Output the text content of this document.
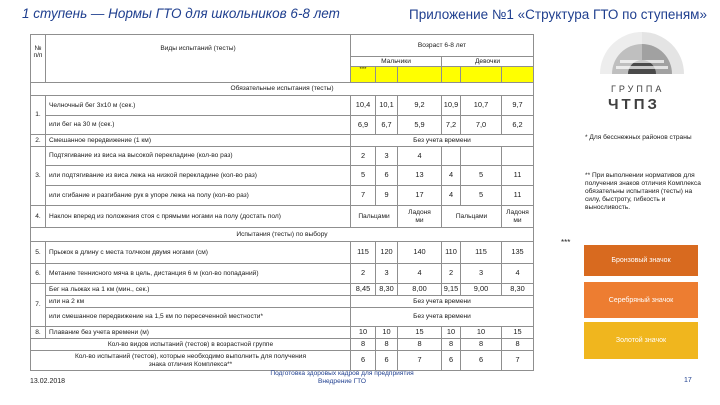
1 ступень — Нормы ГТО для школьников 6-8 лет	Приложение №1 «Структура ГТО по ступеням»
№ п/п	Виды испытаний (тесты)	Возраст 6-8 лет					
		Мальчики			Девочки		
		***					
Обязательные испытания (тесты)							
1.	Челночный бег 3х10 м (сек.)	10,4	10,1	9,2	10,9	10,7	9,7
	или бег на 30 м (сек.)	6,9	6,7	5,9	7,2	7,0	6,2
2.	Смешанное передвижение (1 км)	Без учета времени					
3.	Подтягивание из виса на высокой перекладине (кол-во раз)	2	3	4			
	или подтягивание из виса лежа на низкой перекладине (кол-во раз)	5	6	13	4	5	11
	или сгибание и разгибание рук в упоре лежа на полу (кол-во раз)	7	9	17	4	5	11
4.	Наклон вперед из положения стоя с прямыми ногами на полу (достать пол)	Пальцами		Ладонями	Пальцами		Ладонями
Испытания (тесты) по выбору							
5.	Прыжок в длину с места толчком двумя ногами (см)	115	120	140	110	115	135
6.	Метание теннисного мяча в цель, дистанция 6 м (кол-во попаданий)	2	3	4	2	3	4
7.	Бег на лыжах на 1 км (мин., сек.)	8,45	8,30	8,00	9,15	9,00	8,30
	или на 2 км	Без учета времени					
	или смешанное передвижение на 1,5 км по пересеченной местности*	Без учета времени					
8.	Плавание без учета времени (м)	10	10	15	10	10	15
Кол-во видов испытаний (тестов) в возрастной группе		8	8	8	8	8	8
Кол-во испытаний (тестов), которые необходимо выполнить для получения знака отличия Комплекса**		6	6	7	6	6	7
ГРУППА
ЧТПЗ
* Для бесснежных районов страны
** При выполнении нормативов для получения знаков отличия Комплекса обязательны испытания (тесты) на силу, быстроту, гибкость и выносливость.
***
Бронзовый значок
Серебряный значок
Золотой значок
13.02.2018
Подготовка здоровых кадров для предприятия Внедрение ГТО	17
